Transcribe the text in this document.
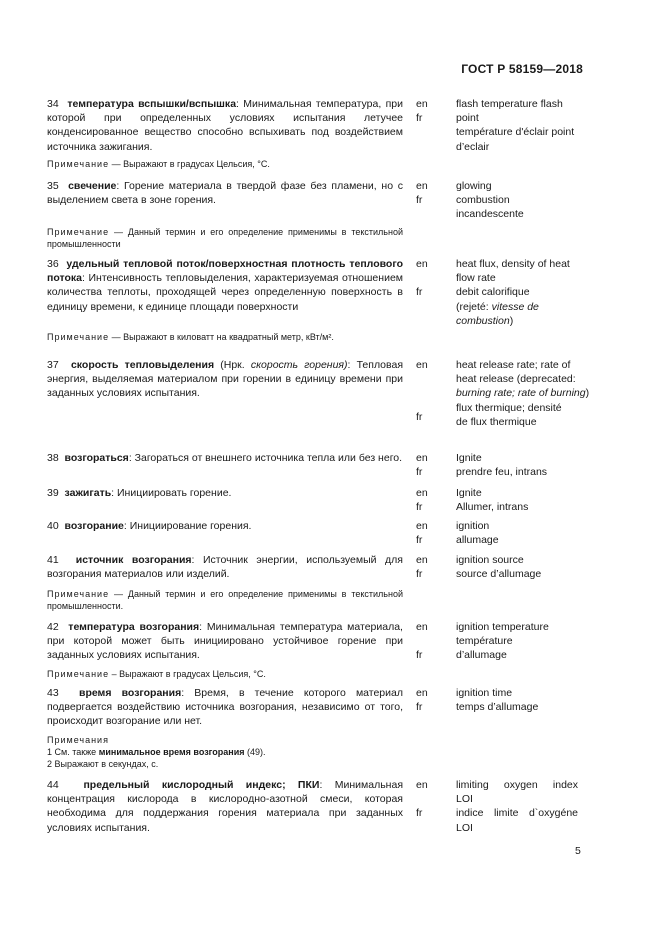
ГОСТ Р 58159—2018
34 температура вспышки/вспышка: Минимальная температура, при которой при определенных условиях испытания летучее конденсированное вещество способно вспыхивать под воздействием источника зажигания.
en
fr
flash temperature flash point
température d'éclair point d’eclair
Примечание — Выражают в градусах Цельсия, °С.
35 свечение: Горение материала в твердой фазе без пламени, но с выделением света в зоне горения.
en
fr
glowing
combustion incandescente
Примечание — Данный термин и его определение применимы в текстильной промышленности
36 удельный тепловой поток/поверхностная плотность теплового потока: Интенсивность тепловыделения, характеризуемая отношением количества теплоты, проходящей через определенную поверхность в единицу времени, к единице площади поверхности
en
fr
heat flux, density of heat flow rate
debit calorifique
(rejeté: vitesse de combustion)
Примечание — Выражают в киловатт на квадратный метр, кВт/м².
37 скорость тепловыделения (Нрк. скорость горения): Тепловая энергия, выделяемая материалом при горении в единицу времени при заданных условиях испытания.
en
fr
heat release rate; rate of heat release (deprecated: burning rate; rate of burning)
flux thermique; densité de flux thermique
38 возгораться: Загораться от внешнего источника тепла или без него. en
fr
Ignite
prendre feu, intrans
39 зажигать: Инициировать горение.	en
fr
Ignite
Allumer, intrans
40 возгорание: Инициирование горения.	en
fr
ignition
allumage
41 источник возгорания: Источник энергии, используемый для возгорания материалов или изделий.
en
fr
ignition source
source d’allumage
Примечание — Данный термин и его определение применимы в текстильной промышленности.
42 температура возгорания: Минимальная температура материала, при которой может быть инициировано устойчивое горение при заданных условиях испытания.
en
fr
ignition temperature
température
d’allumage
Примечание – Выражают в градусах Цельсия, °С.
43 время возгорания: Время, в течение которого материал подвергается воздействию источника возгорания, независимо от того, происходит возгорание или нет.
en
fr
ignition time
temps d’allumage
Примечания
1 См. также минимальное время возгорания (49).
2 Выражают в секундах, с.
44 предельный кислородный индекс; ПКИ: Минимальная концентрация кислорода в кислородно-азотной смеси, которая необходима для поддержания горения материала при заданных условиях испытания.
en
fr
limiting oxygen index LOI
indice limite d`oxygéne LOI
5
